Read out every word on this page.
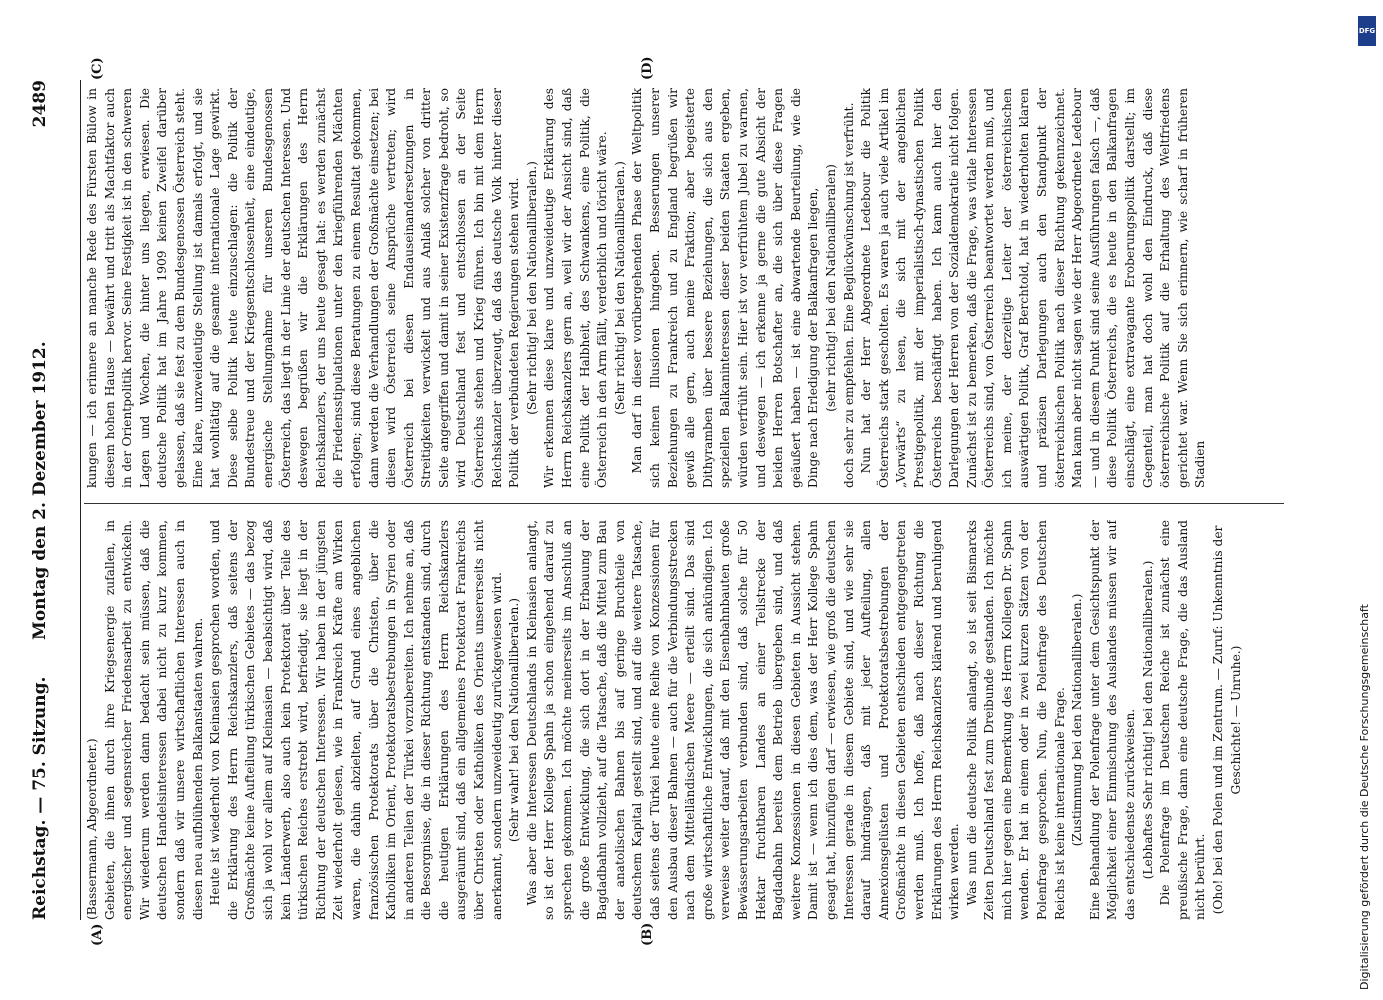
Reichstag. — 75. Sitzung.
Montag den 2. Dezember 1912.
2489
(A)	(B)
(C)	(D)

(Bassermann, Abgeordneter.) Gebieten, die ihnen durch ihre Kriegsenergie zufallen, in energischer und segensreicher Friedensarbeit zu entwickeln. Wir wiederum werden dann bedacht sein müssen, daß die deutschen Handelsinteressen dabei nicht zu kurz kommen, sondern daß wir unsere wirtschaftlichen Interessen auch in diesen neu aufblühenden Balkanstaaten wahren. Heute ist wiederholt von Kleinasien gesprochen worden, und die Erklärung des Herrn Reichskanzlers, daß seitens der Großmächte keine Aufteilung türkischen Gebietes — das bezog sich ja wohl vor allem auf Kleinasien — beabsichtigt wird, daß kein Länderwerb, also auch kein Protektorat über Teile des türkischen Reiches erstrebt wird, befriedigt, sie liegt in der Richtung der deutschen Interessen. Wir haben in der jüngsten Zeit wiederholt gelesen, wie in Frankreich Kräfte am Wirken waren, die dahin abzielten, auf Grund eines angeblichen französischen Protektorats über die Christen, über die Katholiken im Orient, Protektoratsbestrebungen in Syrien oder in anderen Teilen der Türkei vorzubereiten. Ich nehme an, daß die Besorgnisse, die in dieser Richtung entstanden sind, durch die heutigen Erklärungen des Herrn Reichskanzlers ausgeräumt sind, daß ein allgemeines Protektorat Frankreichs über Christen oder Katholiken des Orients unsererseits nicht anerkannt, sondern unzweideutig zurückgewiesen wird. (Sehr wahr! bei den Nationalliberalen.) Was aber die Interessen Deutschlands in Kleinasien anlangt, so ist der Herr Kollege Spahn ja schon eingehend darauf zu sprechen gekommen. Ich möchte meinerseits im Anschluß an die große Entwicklung, die sich dort in der Erbauung der Bagdadbahn vollzieht, auf die Tatsache, daß die Mittel zum Bau der anatolischen Bahnen bis auf geringe Bruchteile von deutschem Kapital gestellt sind, und auf die weitere Tatsache, daß seitens der Türkei heute eine Reihe von Konzessionen für den Ausbau dieser Bahnen — auch für die Verbindungsstrecken nach dem Mittelländischen Meere — erteilt sind. Das sind große wirtschaftliche Entwicklungen, die sich ankündigen. Ich verweise weiter darauf, daß mit den Eisenbahnbauten große Bewässerungsarbeiten verbunden sind, daß solche für 50 Hektar fruchtbaren Landes an einer Teilstrecke der Bagdadbahn bereits dem Betrieb übergeben sind, und daß weitere Konzessionen in diesen Gebieten in Aussicht stehen. Damit ist — wenn ich dies dem, was der Herr Kollege Spahn gesagt hat, hinzufügen darf — erwiesen, wie groß die deutschen Interessen gerade in diesem Gebiete sind, und wie sehr sie darauf hindrängen, daß mit jeder Aufteilung, allen Annexionsgelüsten und Protektoratsbestrebungen der Großmächte in diesen Gebieten entschieden entgegengetreten werden muß. Ich hoffe, daß nach dieser Richtung die Erklärungen des Herrn Reichskanzlers klärend und beruhigend wirken werden. Was nun die deutsche Politik anlangt, so ist seit Bismarcks Zeiten Deutschland fest zum Dreibunde gestanden. Ich möchte mich hier gegen eine Bemerkung des Herrn Kollegen Dr. Spahn wenden. Er hat in einem oder in zwei kurzen Sätzen von der Polenfrage gesprochen. Nun, die Polenfrage des Deutschen Reichs ist keine internationale Frage. (Zustimmung bei den Nationalliberalen.) Eine Behandlung der Polenfrage unter dem Gesichtspunkt der Möglichkeit einer Einmischung des Auslandes müssen wir auf das entschiedenste zurückweisen. (Lebhaftes Sehr richtig! bei den Nationalliberalen.) Die Polenfrage im Deutschen Reiche ist zunächst eine preußische Frage, dann eine deutsche Frage, die das Ausland nicht berührt. (Oho! bei den Polen und im Zentrum. — Zuruf: Unkenntnis der Geschichte! — Unruhe.)

kungen — ich erinnere an manche Rede des Fürsten Bülow in diesem hohen Hause — bewährt und tritt als Machtfaktor auch in der Orientpolitik hervor. Seine Festigkeit ist in den schweren Lagen und Wochen, die hinter uns liegen, erwiesen. Die deutsche Politik hat im Jahre 1909 keinen Zweifel darüber gelassen, daß sie fest zu dem Bundesgenossen Österreich steht. Eine klare, unzweideutige Stellung ist damals erfolgt, und sie hat wohltätig auf die gesamte internationale Lage gewirkt. Diese selbe Politik heute einzuschlagen: die Politik der Bundestreue und der Kriegsentschlossenheit, eine eindeutige, energische Stellungnahme für unseren Bundesgenossen Österreich, das liegt in der Linie der deutschen Interessen. Und deswegen begrüßen wir die Erklärungen des Herrn Reichskanzlers, der uns heute gesagt hat: es werden zunächst die Friedensstipulationen unter den kriegführenden Mächten erfolgen; sind diese Beratungen zu einem Resultat gekommen, dann werden die Verhandlungen der Großmächte einsetzen; bei diesen wird Österreich seine Ansprüche vertreten; wird Österreich bei diesen Endauseinandersetzungen in Streitigkeiten verwickelt und aus Anlaß solcher von dritter Seite angegriffen und damit in seiner Existenzfrage bedroht, so wird Deutschland fest und entschlossen an der Seite Österreichs stehen und Krieg führen. Ich bin mit dem Herrn Reichskanzler überzeugt, daß das deutsche Volk hinter dieser Politik der verbündeten Regierungen stehen wird. (Sehr richtig! bei den Nationalliberalen.) Wir erkennen diese klare und unzweideutige Erklärung des Herrn Reichskanzlers gern an, weil wir der Ansicht sind, daß eine Politik der Halbheit, des Schwankens, eine Politik, die Österreich in den Arm fällt, verderblich und töricht wäre. (Sehr richtig! bei den Nationalliberalen.) Man darf in dieser vorübergehenden Phase der Weltpolitik sich keinen Illusionen hingeben. Besserungen unserer Beziehungen zu Frankreich und zu England begrüßen wir gewiß alle gern, auch meine Fraktion; aber begeisterte Dithyramben über bessere Beziehungen, die sich aus den speziellen Balkaninteressen dieser beiden Staaten ergeben, würden verfrüht sein. Hier ist vor verfrühtem Jubel zu warnen, und deswegen — ich erkenne ja gerne die gute Absicht der beiden Herren Botschafter an, die sich über diese Fragen geäußert haben — ist eine abwartende Beurteilung, wie die Dinge nach Erledigung der Balkanfragen liegen, (sehr richtig! bei den Nationalliberalen) doch sehr zu empfehlen. Eine Beglückwünschung ist verfrüht. Nun hat der Herr Abgeordnete Ledebour die Politik Österreichs stark gescholten. Es waren ja auch viele Artikel im „Vorwärts“ zu lesen, die sich mit der angeblichen Prestigepolitik, mit der imperialistisch-dynastischen Politik Österreichs beschäftigt haben. Ich kann auch hier den Darlegungen der Herren von der Sozialdemokratie nicht folgen. Zunächst ist zu bemerken, daß die Frage, was vitale Interessen Österreichs sind, von Österreich beantwortet werden muß, und ich meine, der derzeitige Leiter der österreichischen auswärtigen Politik, Graf Berchtold, hat in wiederholten klaren und präzisen Darlegungen auch den Standpunkt der österreichischen Politik nach dieser Richtung gekennzeichnet. Man kann aber nicht sagen wie der Herr Abgeordnete Ledebour — und in diesem Punkt sind seine Ausführungen falsch —, daß diese Politik Österreichs, die es heute in den Balkanfragen einschlägt, eine extravagante Eroberungspolitik darstellt; im Gegenteil, man hat doch wohl den Eindruck, daß diese österreichische Politik auf die Erhaltung des Weltfriedens gerichtet war. Wenn Sie sich erinnern, wie scharf in früheren Stadien

DFG
Digitalisierung gefördert durch die Deutsche Forschungsgemeinschaft
